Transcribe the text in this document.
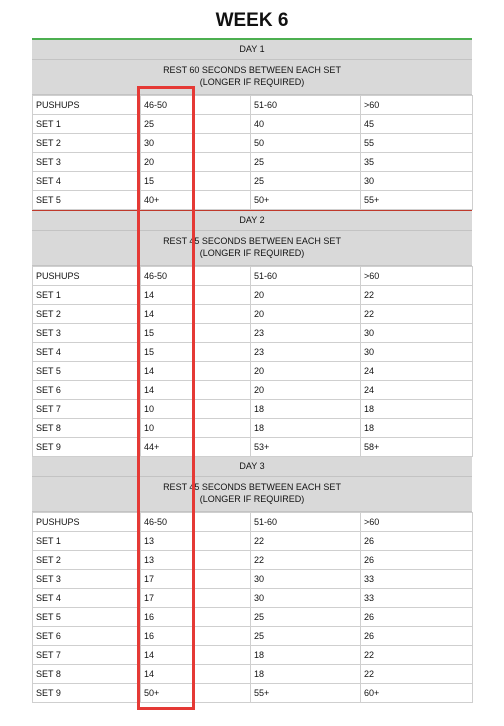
WEEK 6
DAY 1
REST 60 SECONDS BETWEEN EACH SET
(LONGER IF REQUIRED)
PUSHUPS	46-50	51-60	>60
SET 1	25	40	45
SET 2	30	50	55
SET 3	20	25	35
SET 4	15	25	30
SET 5	40+	50+	55+
DAY 2
REST 45 SECONDS BETWEEN EACH SET
(LONGER IF REQUIRED)
PUSHUPS	46-50	51-60	>60
SET 1	14	20	22
SET 2	14	20	22
SET 3	15	23	30
SET 4	15	23	30
SET 5	14	20	24
SET 6	14	20	24
SET 7	10	18	18
SET 8	10	18	18
SET 9	44+	53+	58+
DAY 3
REST 45 SECONDS BETWEEN EACH SET
(LONGER IF REQUIRED)
PUSHUPS	46-50	51-60	>60
SET 1	13	22	26
SET 2	13	22	26
SET 3	17	30	33
SET 4	17	30	33
SET 5	16	25	26
SET 6	16	25	26
SET 7	14	18	22
SET 8	14	18	22
SET 9	50+	55+	60+
